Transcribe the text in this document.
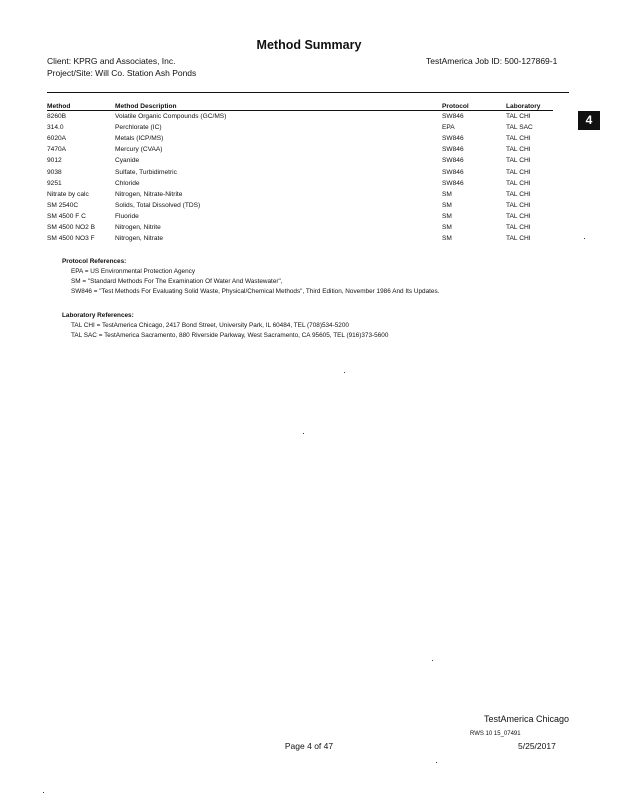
Method Summary
Client: KPRG and Associates, Inc.
Project/Site: Will Co. Station Ash Ponds
TestAmerica Job ID: 500-127869-1
4
Method	Method Description	Protocol	Laboratory
8260B	Volatile Organic Compounds (GC/MS)	SW846	TAL CHI
314.0	Perchlorate (IC)	EPA	TAL SAC
6020A	Metals (ICP/MS)	SW846	TAL CHI
7470A	Mercury (CVAA)	SW846	TAL CHI
9012	Cyanide	SW846	TAL CHI
9038	Sulfate, Turbidimetric	SW846	TAL CHI
9251	Chloride	SW846	TAL CHI
Nitrate by calc	Nitrogen, Nitrate-Nitrite	SM	TAL CHI
SM 2540C	Solids, Total Dissolved (TDS)	SM	TAL CHI
SM 4500 F C	Fluoride	SM	TAL CHI
SM 4500 NO2 B	Nitrogen, Nitrite	SM	TAL CHI
SM 4500 NO3 F	Nitrogen, Nitrate	SM	TAL CHI
Protocol References:
EPA = US Environmental Protection Agency
SM = "Standard Methods For The Examination Of Water And Wastewater",
SW846 = "Test Methods For Evaluating Solid Waste, Physical/Chemical Methods", Third Edition, November 1986 And Its Updates.
Laboratory References:
TAL CHI = TestAmerica Chicago, 2417 Bond Street, University Park, IL 60484, TEL (708)534-5200
TAL SAC = TestAmerica Sacramento, 880 Riverside Parkway, West Sacramento, CA 95605, TEL (916)373-5600
TestAmerica Chicago
RWS 10 15_07491
Page 4 of 47	5/25/2017
